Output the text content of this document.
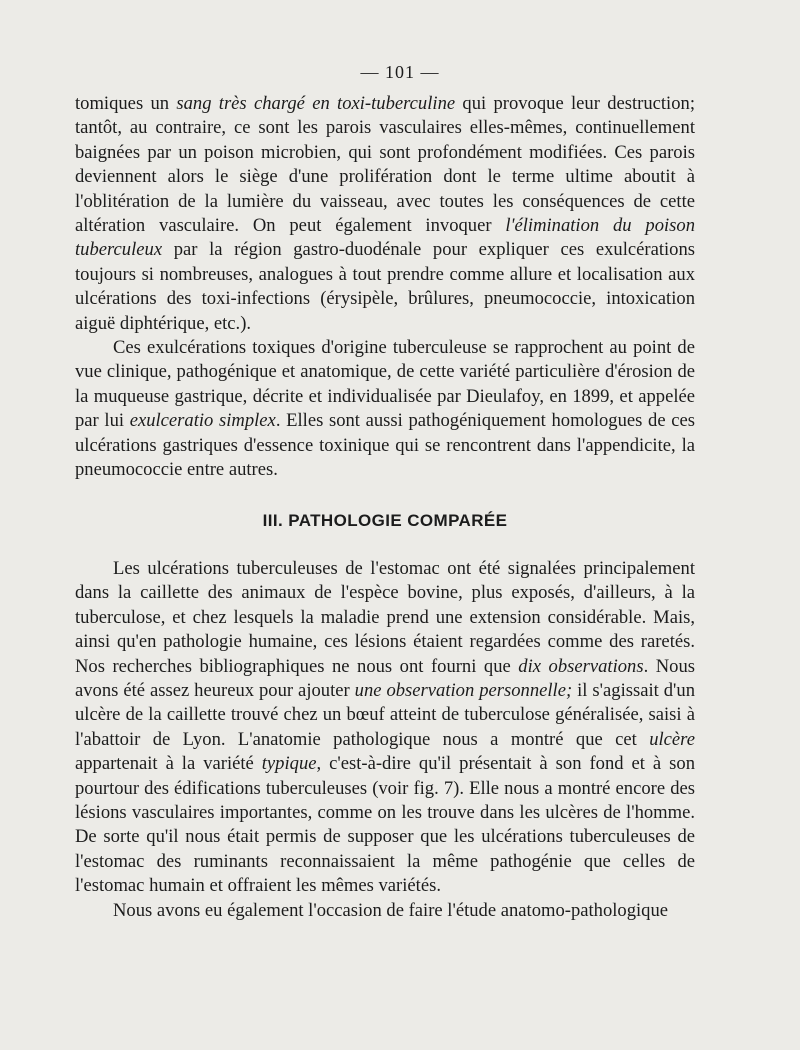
— 101 —

tomiques un sang très chargé en toxi-tuberculine qui provoque leur destruction; tantôt, au contraire, ce sont les parois vasculaires elles-mêmes, continuellement baignées par un poison microbien, qui sont profondément modifiées. Ces parois deviennent alors le siège d'une prolifération dont le terme ultime aboutit à l'oblitération de la lumière du vaisseau, avec toutes les conséquences de cette altération vasculaire. On peut également invoquer l'élimination du poison tuberculeux par la région gastro-duodénale pour expliquer ces exulcérations toujours si nombreuses, analogues à tout prendre comme allure et localisation aux ulcérations des toxi-infections (érysipèle, brûlures, pneumococcie, intoxication aiguë diphtérique, etc.).

Ces exulcérations toxiques d'origine tuberculeuse se rapprochent au point de vue clinique, pathogénique et anatomique, de cette variété particulière d'érosion de la muqueuse gastrique, décrite et individualisée par Dieulafoy, en 1899, et appelée par lui exulceratio simplex. Elles sont aussi pathogéniquement homologues de ces ulcérations gastriques d'essence toxinique qui se rencontrent dans l'appendicite, la pneumococcie entre autres.

III. PATHOLOGIE COMPARÉE

Les ulcérations tuberculeuses de l'estomac ont été signalées principalement dans la caillette des animaux de l'espèce bovine, plus exposés, d'ailleurs, à la tuberculose, et chez lesquels la maladie prend une extension considérable. Mais, ainsi qu'en pathologie humaine, ces lésions étaient regardées comme des raretés. Nos recherches bibliographiques ne nous ont fourni que dix observations. Nous avons été assez heureux pour ajouter une observation personnelle; il s'agissait d'un ulcère de la caillette trouvé chez un bœuf atteint de tuberculose généralisée, saisi à l'abattoir de Lyon. L'anatomie pathologique nous a montré que cet ulcère appartenait à la variété typique, c'est-à-dire qu'il présentait à son fond et à son pourtour des édifications tuberculeuses (voir fig. 7). Elle nous a montré encore des lésions vasculaires importantes, comme on les trouve dans les ulcères de l'homme. De sorte qu'il nous était permis de supposer que les ulcérations tuberculeuses de l'estomac des ruminants reconnaissaient la même pathogénie que celles de l'estomac humain et offraient les mêmes variétés.

Nous avons eu également l'occasion de faire l'étude anatomo-pathologique
